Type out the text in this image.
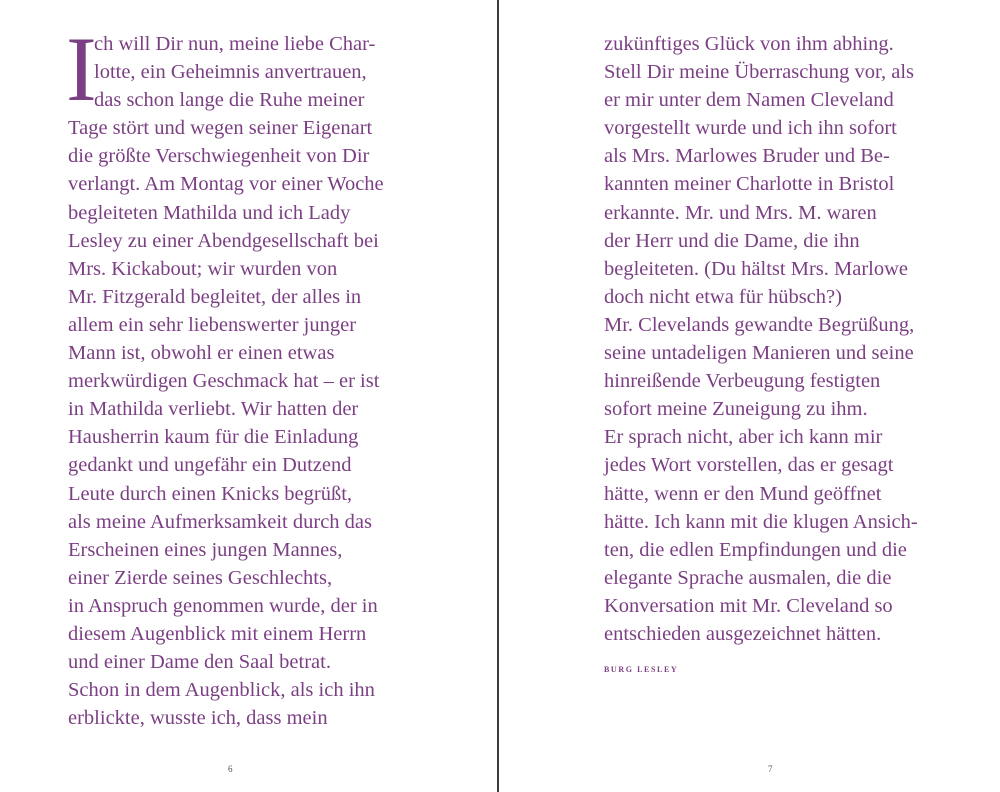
I
ch will Dir nun, meine liebe Char-
lotte, ein Geheimnis anvertrauen,
das schon lange die Ruhe meiner
Tage stört und wegen seiner Eigenart
die größte Verschwiegenheit von Dir
verlangt. Am Montag vor einer Woche
begleiteten Mathilda und ich Lady
Lesley zu einer Abendgesellschaft bei
Mrs. Kickabout; wir wurden von
Mr. Fitzgerald begleitet, der alles in
allem ein sehr liebenswerter junger
Mann ist, obwohl er einen etwas
merkwürdigen Geschmack hat – er ist
in Mathilda verliebt. Wir hatten der
Hausherrin kaum für die Einladung
gedankt und ungefähr ein Dutzend
Leute durch einen Knicks begrüßt,
als meine Aufmerksamkeit durch das
Erscheinen eines jungen Mannes,
einer Zierde seines Geschlechts,
in Anspruch genommen wurde, der in
diesem Augenblick mit einem Herrn
und einer Dame den Saal betrat.
Schon in dem Augenblick, als ich ihn
erblickte, wusste ich, dass mein
6
zukünftiges Glück von ihm abhing.
Stell Dir meine Überraschung vor, als
er mir unter dem Namen Cleveland
vorgestellt wurde und ich ihn sofort
als Mrs. Marlowes Bruder und Be-
kannten meiner Charlotte in Bristol
erkannte. Mr. und Mrs. M. waren
der Herr und die Dame, die ihn
begleiteten. (Du hältst Mrs. Marlowe
doch nicht etwa für hübsch?)
Mr. Clevelands gewandte Begrüßung,
seine untadeligen Manieren und seine
hinreißende Verbeugung festigten
sofort meine Zuneigung zu ihm.
Er sprach nicht, aber ich kann mir
jedes Wort vorstellen, das er gesagt
hätte, wenn er den Mund geöffnet
hätte. Ich kann mit die klugen Ansich-
ten, die edlen Empfindungen und die
elegante Sprache ausmalen, die die
Konversation mit Mr. Cleveland so
entschieden ausgezeichnet hätten.
BURG LESLEY
7
